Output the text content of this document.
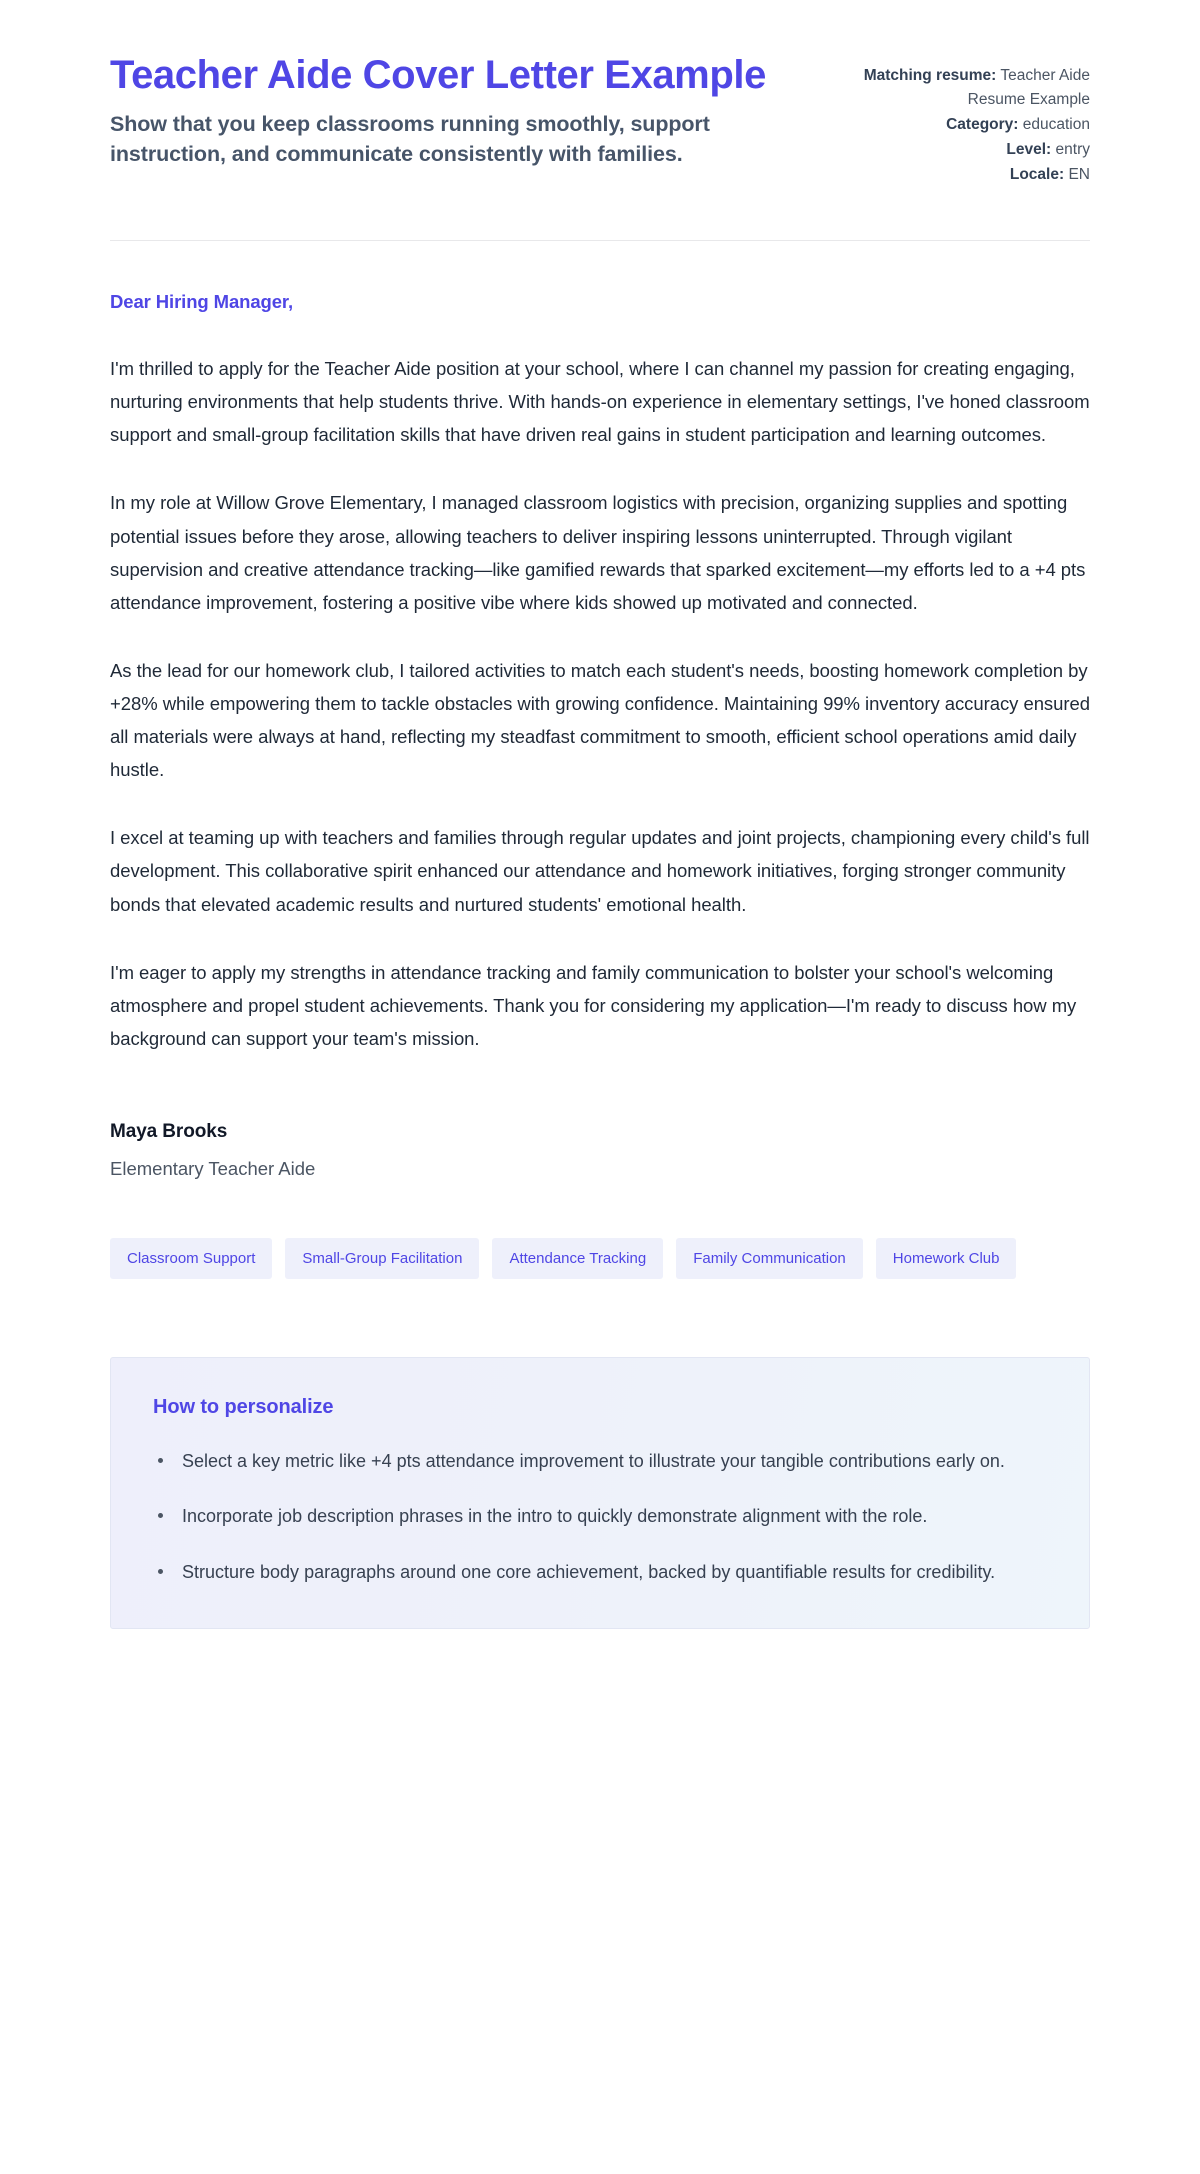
Teacher Aide Cover Letter Example

Show that you keep classrooms running smoothly, support instruction, and communicate consistently with families.

Matching resume: Teacher Aide Resume Example
Category: education
Level: entry
Locale: EN

Dear Hiring Manager,

I'm thrilled to apply for the Teacher Aide position at your school, where I can channel my passion for creating engaging, nurturing environments that help students thrive. With hands-on experience in elementary settings, I've honed classroom support and small-group facilitation skills that have driven real gains in student participation and learning outcomes.

In my role at Willow Grove Elementary, I managed classroom logistics with precision, organizing supplies and spotting potential issues before they arose, allowing teachers to deliver inspiring lessons uninterrupted. Through vigilant supervision and creative attendance tracking—like gamified rewards that sparked excitement—my efforts led to a +4 pts attendance improvement, fostering a positive vibe where kids showed up motivated and connected.

As the lead for our homework club, I tailored activities to match each student's needs, boosting homework completion by +28% while empowering them to tackle obstacles with growing confidence. Maintaining 99% inventory accuracy ensured all materials were always at hand, reflecting my steadfast commitment to smooth, efficient school operations amid daily hustle.

I excel at teaming up with teachers and families through regular updates and joint projects, championing every child's full development. This collaborative spirit enhanced our attendance and homework initiatives, forging stronger community bonds that elevated academic results and nurtured students' emotional health.

I'm eager to apply my strengths in attendance tracking and family communication to bolster your school's welcoming atmosphere and propel student achievements. Thank you for considering my application—I'm ready to discuss how my background can support your team's mission.

Maya Brooks
Elementary Teacher Aide
Classroom Support	Small-Group Facilitation	Attendance Tracking	Family Communication	Homework Club
How to personalize
Select a key metric like +4 pts attendance improvement to illustrate your tangible contributions early on.
Incorporate job description phrases in the intro to quickly demonstrate alignment with the role.
Structure body paragraphs around one core achievement, backed by quantifiable results for credibility.
